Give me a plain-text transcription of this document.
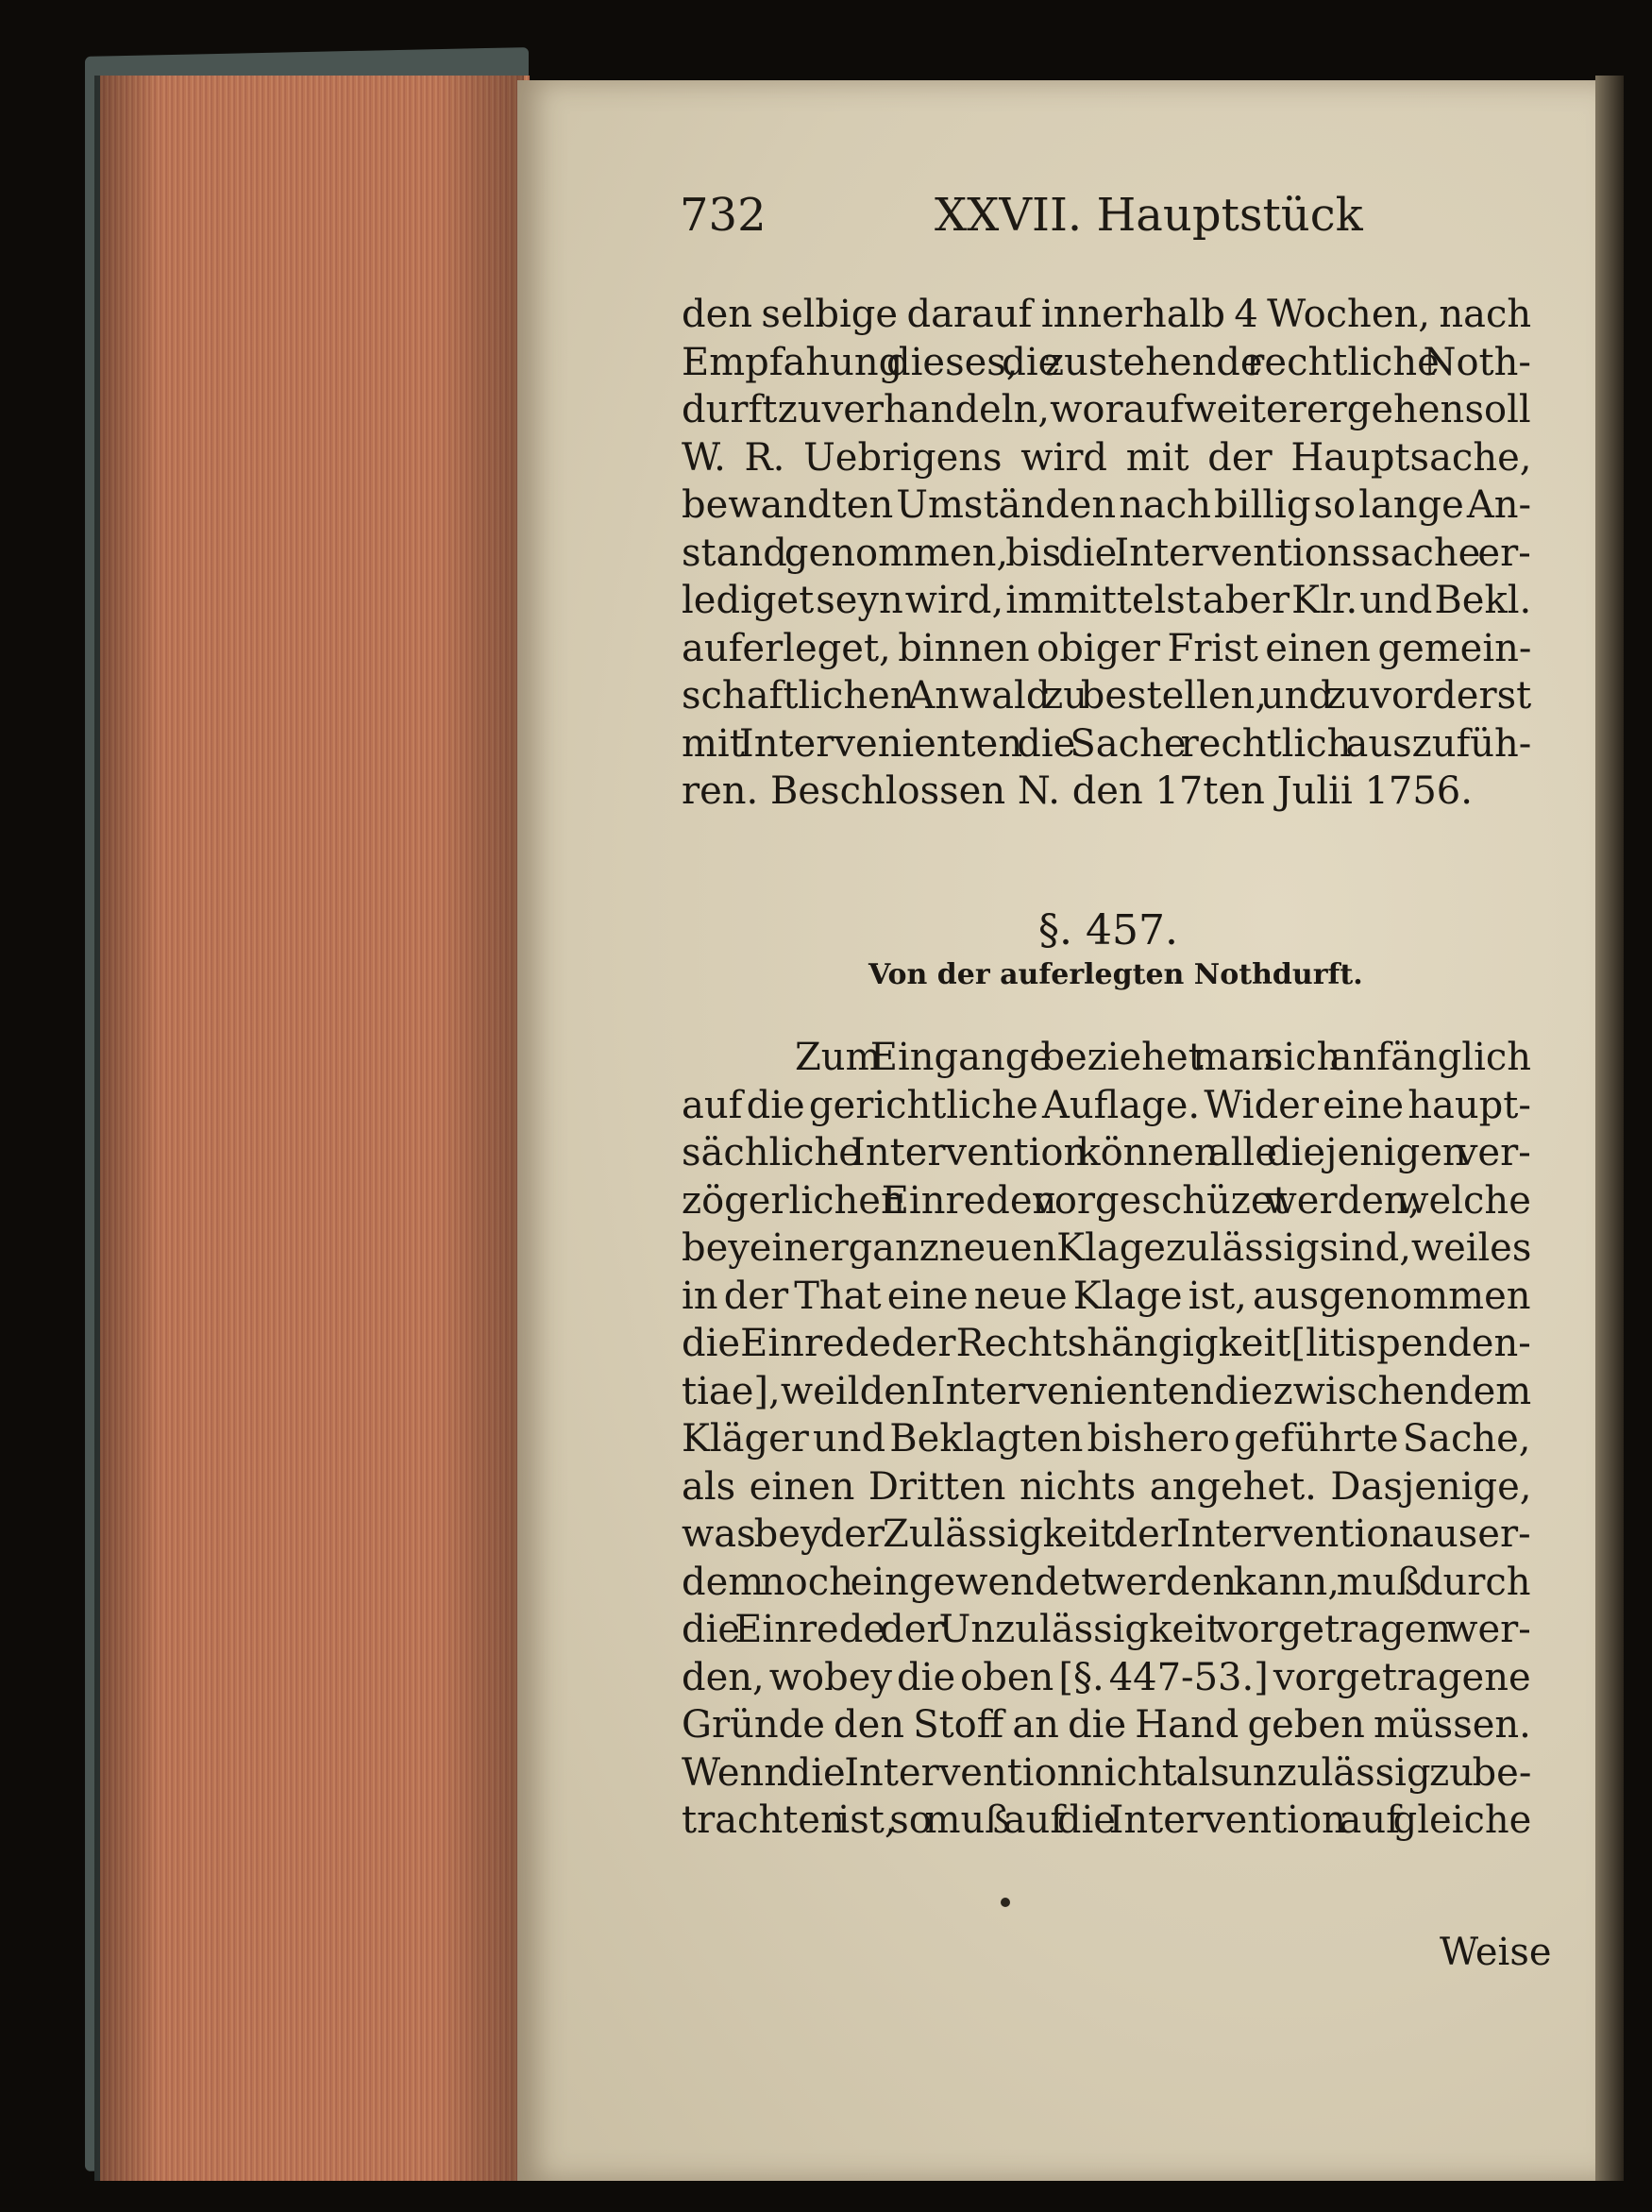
732	XXVII. Hauptstück
den selbige darauf innerhalb 4 Wochen, nach
Empfahung dieses, die zustehende rechtliche Noth-
durft zu verhandeln, worauf weiter ergehen soll
W. R. Uebrigens wird mit der Hauptsache,
bewandten Umständen nach billig so lange An-
stand genommen, bis die Interventionssache er-
lediget seyn wird, immittelst aber Klr. und Bekl.
auferleget, binnen obiger Frist einen gemein-
schaftlichen Anwald zu bestellen, und zuvorderst
mit Intervenienten die Sache rechtlich auszufüh-
ren. Beschlossen N. den 17ten Julii 1756.
§. 457.
Von der auferlegten Nothdurft.
Zum Eingange beziehet man sich anfänglich
auf die gerichtliche Auflage. Wider eine haupt-
sächliche Intervention können alle diejenigen ver-
zögerlichen Einreden vorgeschüzet werden, welche
bey einer ganz neuen Klage zulässig sind, weil es
in der That eine neue Klage ist, ausgenommen
die Einrede der Rechtshängigkeit [litis penden-
tiae], weil den Intervenienten die zwischen dem
Kläger und Beklagten bishero geführte Sache,
als einen Dritten nichts angehet. Dasjenige,
was bey der Zulässigkeit der Intervention auser-
dem noch eingewendet werden kann, muß durch
die Einrede der Unzulässigkeit vorgetragen wer-
den, wobey die oben [§. 447-53.] vorgetragene
Gründe den Stoff an die Hand geben müssen.
Wenn die Intervention nicht als unzulässig zu be-
trachten ist, so muß auf die Intervention auf gleiche
Weise
